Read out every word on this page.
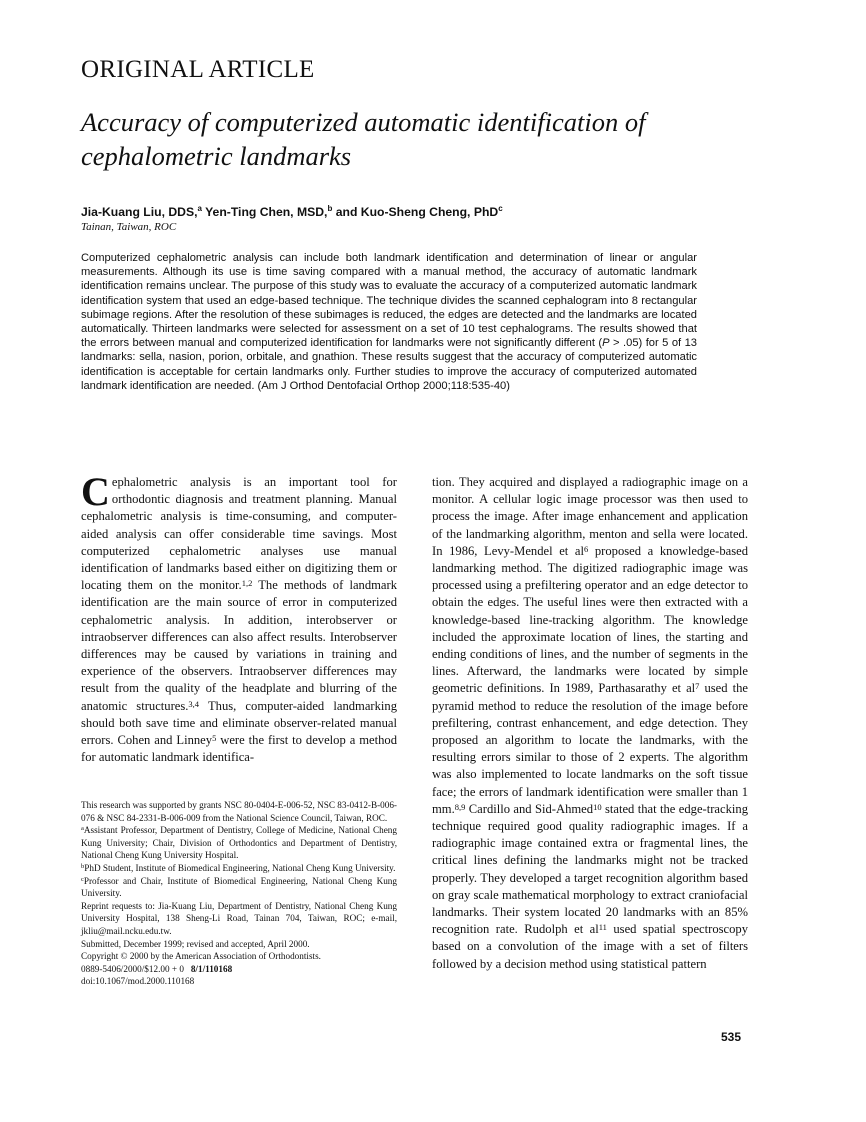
ORIGINAL ARTICLE
Accuracy of computerized automatic identification of cephalometric landmarks
Jia-Kuang Liu, DDS,$^a$ Yen-Ting Chen, MSD,$^b$ and Kuo-Sheng Cheng, PhD$^c$
Tainan, Taiwan, ROC
Computerized cephalometric analysis can include both landmark identification and determination of linear or angular measurements. Although its use is time saving compared with a manual method, the accuracy of automatic landmark identification remains unclear. The purpose of this study was to evaluate the accuracy of a computerized automatic landmark identification system that used an edge-based technique. The technique divides the scanned cephalogram into 8 rectangular subimage regions. After the resolution of these subimages is reduced, the edges are detected and the landmarks are located automatically. Thirteen landmarks were selected for assessment on a set of 10 test cephalograms. The results showed that the errors between manual and computerized identification for landmarks were not significantly different (P > .05) for 5 of 13 landmarks: sella, nasion, porion, orbitale, and gnathion. These results suggest that the accuracy of computerized automatic identification is acceptable for certain landmarks only. Further studies to improve the accuracy of computerized automated landmark identification are needed. (Am J Orthod Dentofacial Orthop 2000;118:535-40)

Cephalometric analysis is an important tool for orthodontic diagnosis and treatment planning. Manual cephalometric analysis is time-consuming, and computer-aided analysis can offer considerable time savings. Most computerized cephalometric analyses use manual identification of landmarks based either on digitizing them or locating them on the monitor.$^{1,2}$ The methods of landmark identification are the main source of error in computerized cephalometric analysis. In addition, interobserver or intraobserver differences can also affect results. Interobserver differences may be caused by variations in training and experience of the observers. Intraobserver differences may result from the quality of the headplate and blurring of the anatomic structures.$^{3,4}$ Thus, computer-aided landmarking should both save time and eliminate observer-related manual errors. Cohen and Linney$^5$ were the first to develop a method for automatic landmark identifica-

This research was supported by grants NSC 80-0404-E-006-52, NSC 83-0412-B-006-076 & NSC 84-2331-B-006-009 from the National Science Council, Taiwan, ROC.

$^a$Assistant Professor, Department of Dentistry, College of Medicine, National Cheng Kung University; Chair, Division of Orthodontics and Department of Dentistry, National Cheng Kung University Hospital.

$^b$PhD Student, Institute of Biomedical Engineering, National Cheng Kung University.

$^c$Professor and Chair, Institute of Biomedical Engineering, National Cheng Kung University.

Reprint requests to: Jia-Kuang Liu, Department of Dentistry, National Cheng Kung University Hospital, 138 Sheng-Li Road, Tainan 704, Taiwan, ROC; e-mail, jkliu@mail.ncku.edu.tw.

Submitted, December 1999; revised and accepted, April 2000.

Copyright © 2000 by the American Association of Orthodontists.

0889-5406/2000/$12.00 + 0 8/1/110168

doi:10.1067/mod.2000.110168

tion. They acquired and displayed a radiographic image on a monitor. A cellular logic image processor was then used to process the image. After image enhancement and application of the landmarking algorithm, menton and sella were located. In 1986, Levy-Mendel et al$^6$ proposed a knowledge-based landmarking method. The digitized radiographic image was processed using a prefiltering operator and an edge detector to obtain the edges. The useful lines were then extracted with a knowledge-based line-tracking algorithm. The knowledge included the approximate location of lines, the starting and ending conditions of lines, and the number of segments in the lines. Afterward, the landmarks were located by simple geometric definitions. In 1989, Parthasarathy et al$^7$ used the pyramid method to reduce the resolution of the image before prefiltering, contrast enhancement, and edge detection. They proposed an algorithm to locate the landmarks, with the resulting errors similar to those of 2 experts. The algorithm was also implemented to locate landmarks on the soft tissue face; the errors of landmark identification were smaller than 1 mm.$^{8,9}$ Cardillo and Sid-Ahmed$^{10}$ stated that the edge-tracking technique required good quality radiographic images. If a radiographic image contained extra or fragmental lines, the critical lines defining the landmarks might not be tracked properly. They developed a target recognition algorithm based on gray scale mathematical morphology to extract craniofacial landmarks. Their system located 20 landmarks with an 85% recognition rate. Rudolph et al$^{11}$ used spatial spectroscopy based on a convolution of the image with a set of filters followed by a decision method using statistical pattern

535
